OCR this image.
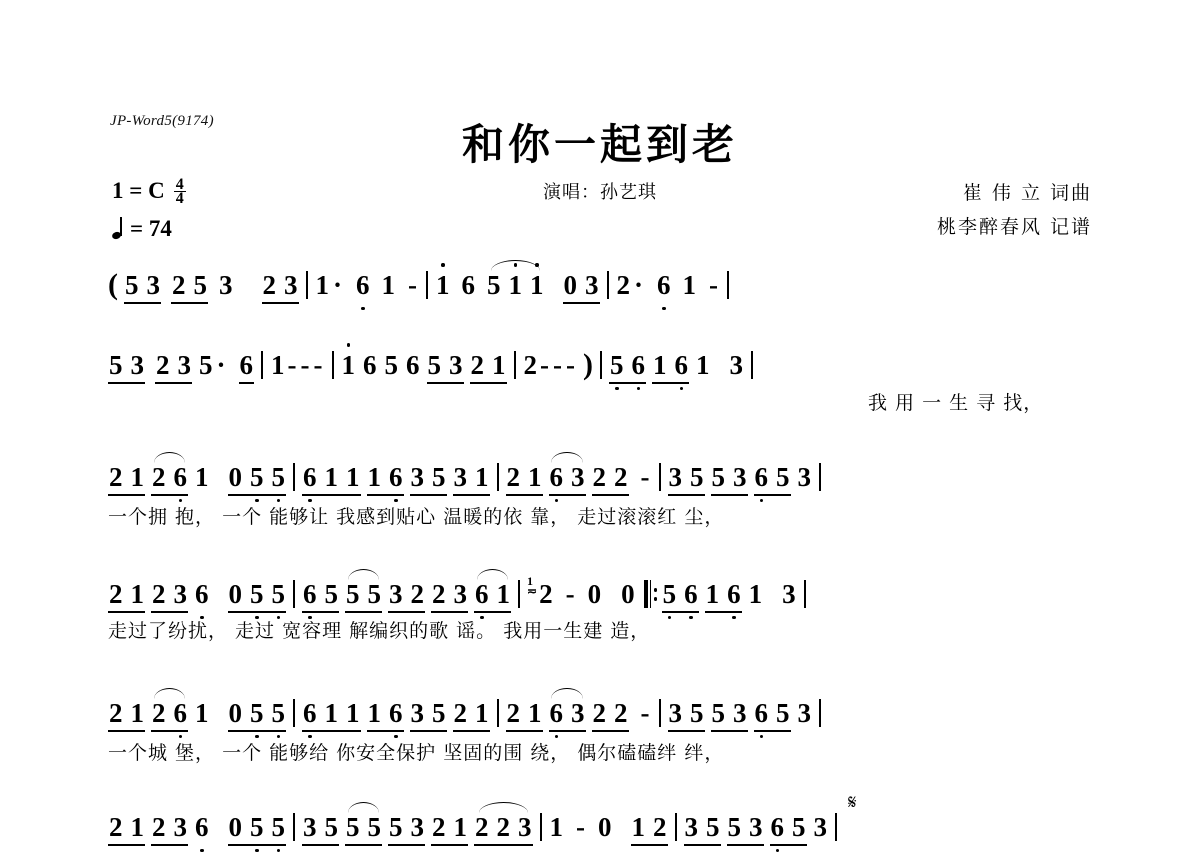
JP-Word5(9174)	和你一起到老
演唱：孙艺琪	崔 伟 立 词曲
桃李醉春风 记谱
1 = C $\frac{4}{4}$
= 74
( 5 3 2 5 3 2 3 1 · 6 1 - 1 6 5 1 1 0 3 2 · 6 1 -
5 3 2 3 5 · 6 1 - - - 1 6 5 6 5 3 2 1 2 - - - ) 5 6 1 6 1 3
我 用 一 生 寻 找，
2 1 2 6 1 0 5 5 6 1 1 1 6 3 5 3 1 2 1 6 3 2 2 - 3 5 5 3 6 5 3
一个拥 抱， 一个 能够让 我感到贴心 温暖的依 靠， 走过滚滚红 尘，
2 1 2 3 6 0 5 5 6 5 5 5 3 2 2 3 6 1 1
≂ 2 - 0 0 5 6 1 6 1 3
走过了纷扰， 走过 宽容理 解编织的歌 谣。 我用一生建 造，
2 1 2 6 1 0 5 5 6 1 1 1 6 3 5 2 1 2 1 6 3 2 2 - 3 5 5 3 6 5 3
一个城 堡， 一个 能够给 你安全保护 坚固的围 绕， 偶尔磕磕绊 绊，
𝄋
2 1 2 3 6 0 5 5 3 5 5 5 5 3 2 1 2 2 3 1 - 0 1 2 3 5 5 3 6 5 3
